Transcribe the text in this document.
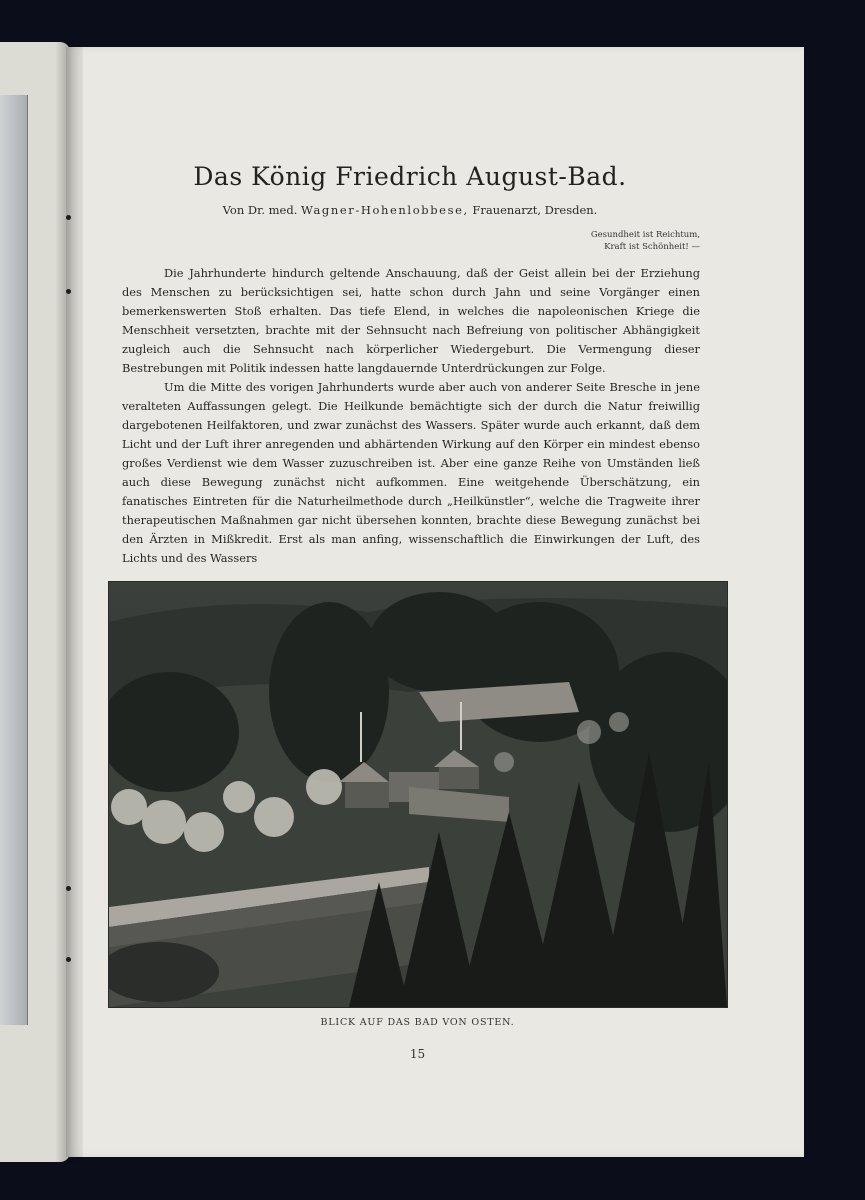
Das König Friedrich August-Bad.
Von Dr. med. Wagner-Hohenlobbese, Frauenarzt, Dresden.
Gesundheit ist Reichtum,
Kraft ist Schönheit! —

Die Jahrhunderte hindurch geltende Anschauung, daß der Geist allein bei der Erziehung des Menschen zu berücksichtigen sei, hatte schon durch Jahn und seine Vorgänger einen bemerkenswerten Stoß erhalten. Das tiefe Elend, in welches die napoleonischen Kriege die Menschheit versetzten, brachte mit der Sehnsucht nach Befreiung von politischer Abhängigkeit zugleich auch die Sehnsucht nach körperlicher Wiedergeburt. Die Vermengung dieser Bestrebungen mit Politik indessen hatte langdauernde Unterdrückungen zur Folge.

Um die Mitte des vorigen Jahrhunderts wurde aber auch von anderer Seite Bresche in jene veralteten Auffassungen gelegt. Die Heilkunde bemächtigte sich der durch die Natur freiwillig dargebotenen Heilfaktoren, und zwar zunächst des Wassers. Später wurde auch erkannt, daß dem Licht und der Luft ihrer anregenden und abhärtenden Wirkung auf den Körper ein mindest ebenso großes Verdienst wie dem Wasser zuzuschreiben ist. Aber eine ganze Reihe von Umständen ließ auch diese Bewegung zunächst nicht aufkommen. Eine weitgehende Überschätzung, ein fanatisches Eintreten für die Naturheilmethode durch „Heilkünstler“, welche die Tragweite ihrer therapeutischen Maßnahmen gar nicht übersehen konnten, brachte diese Bewegung zunächst bei den Ärzten in Mißkredit. Erst als man anfing, wissenschaftlich die Einwirkungen der Luft, des Lichts und des Wassers

BLICK AUF DAS BAD VON OSTEN.
15
